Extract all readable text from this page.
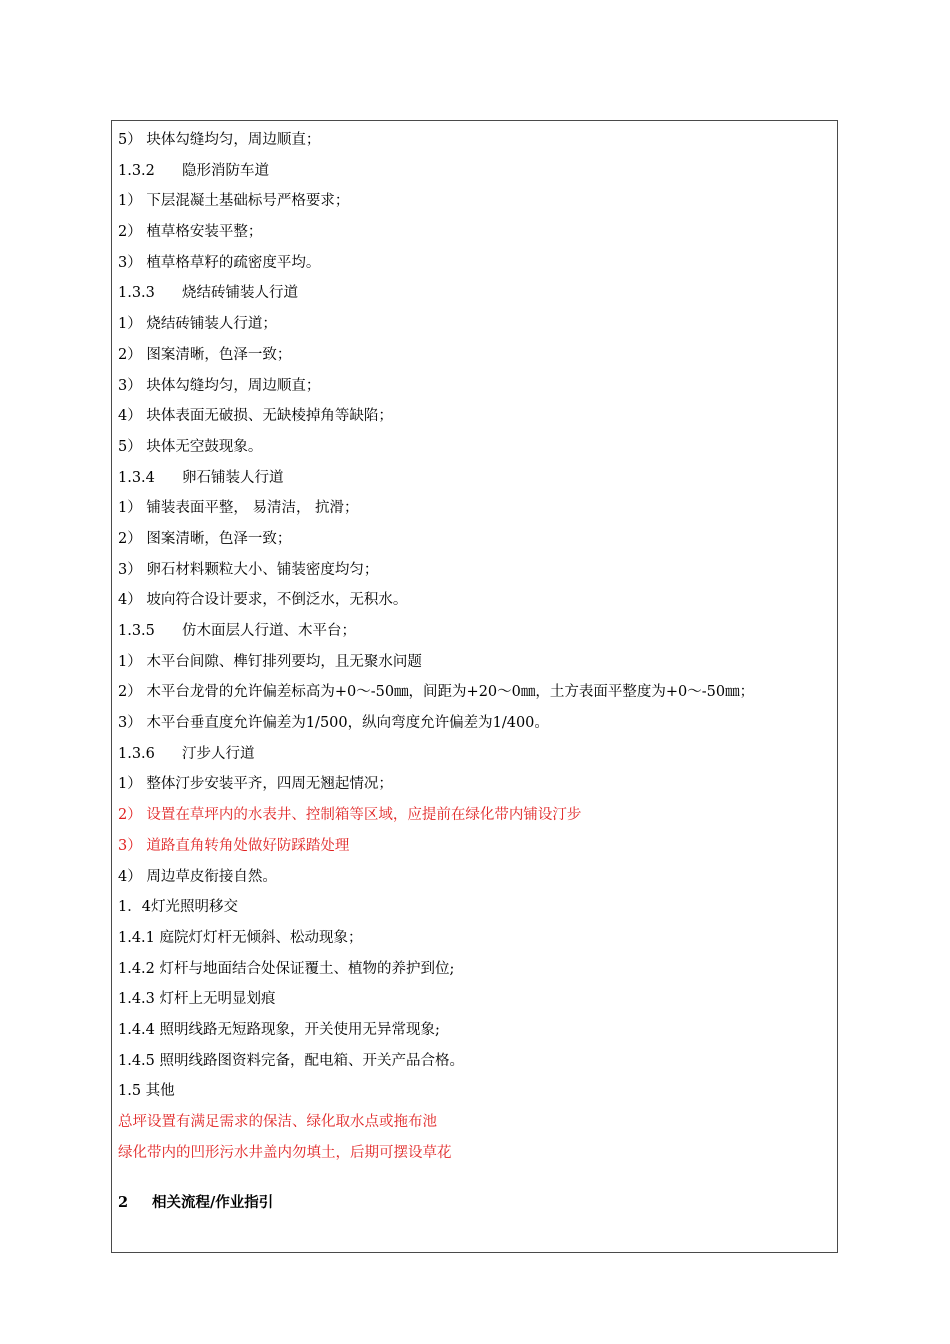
5） 块体勾缝均匀，周边顺直；
1.3.2 隐形消防车道
1） 下层混凝土基础标号严格要求；
2） 植草格安装平整；
3） 植草格草籽的疏密度平均。
1.3.3 烧结砖铺装人行道
1） 烧结砖铺装人行道；
2） 图案清晰，色泽一致；
3） 块体勾缝均匀，周边顺直；
4） 块体表面无破损、无缺棱掉角等缺陷；
5） 块体无空鼓现象。
1.3.4 卵石铺装人行道
1） 铺装表面平整， 易清洁， 抗滑；
2） 图案清晰，色泽一致；
3） 卵石材料颗粒大小、铺装密度均匀；
4） 坡向符合设计要求，不倒泛水，无积水。
1.3.5 仿木面层人行道、木平台；
1） 木平台间隙、榫钉排列要均，且无聚水问题
2） 木平台龙骨的允许偏差标高为+0～-50㎜，间距为+20～0㎜，土方表面平整度为+0～-50㎜；
3） 木平台垂直度允许偏差为1/500，纵向弯度允许偏差为1/400。
1.3.6 汀步人行道
1） 整体汀步安装平齐，四周无翘起情况；
2） 设置在草坪内的水表井、控制箱等区域，应提前在绿化带内铺设汀步
3） 道路直角转角处做好防踩踏处理
4） 周边草皮衔接自然。
1．4灯光照明移交
1.4.1 庭院灯灯杆无倾斜、松动现象；
1.4.2 灯杆与地面结合处保证覆土、植物的养护到位;
1.4.3 灯杆上无明显划痕
1.4.4 照明线路无短路现象，开关使用无异常现象;
1.4.5 照明线路图资料完备，配电箱、开关产品合格。
1.5 其他
总坪设置有满足需求的保洁、绿化取水点或拖布池
绿化带内的凹形污水井盖内勿填土，后期可摆设草花
2 相关流程/作业指引
